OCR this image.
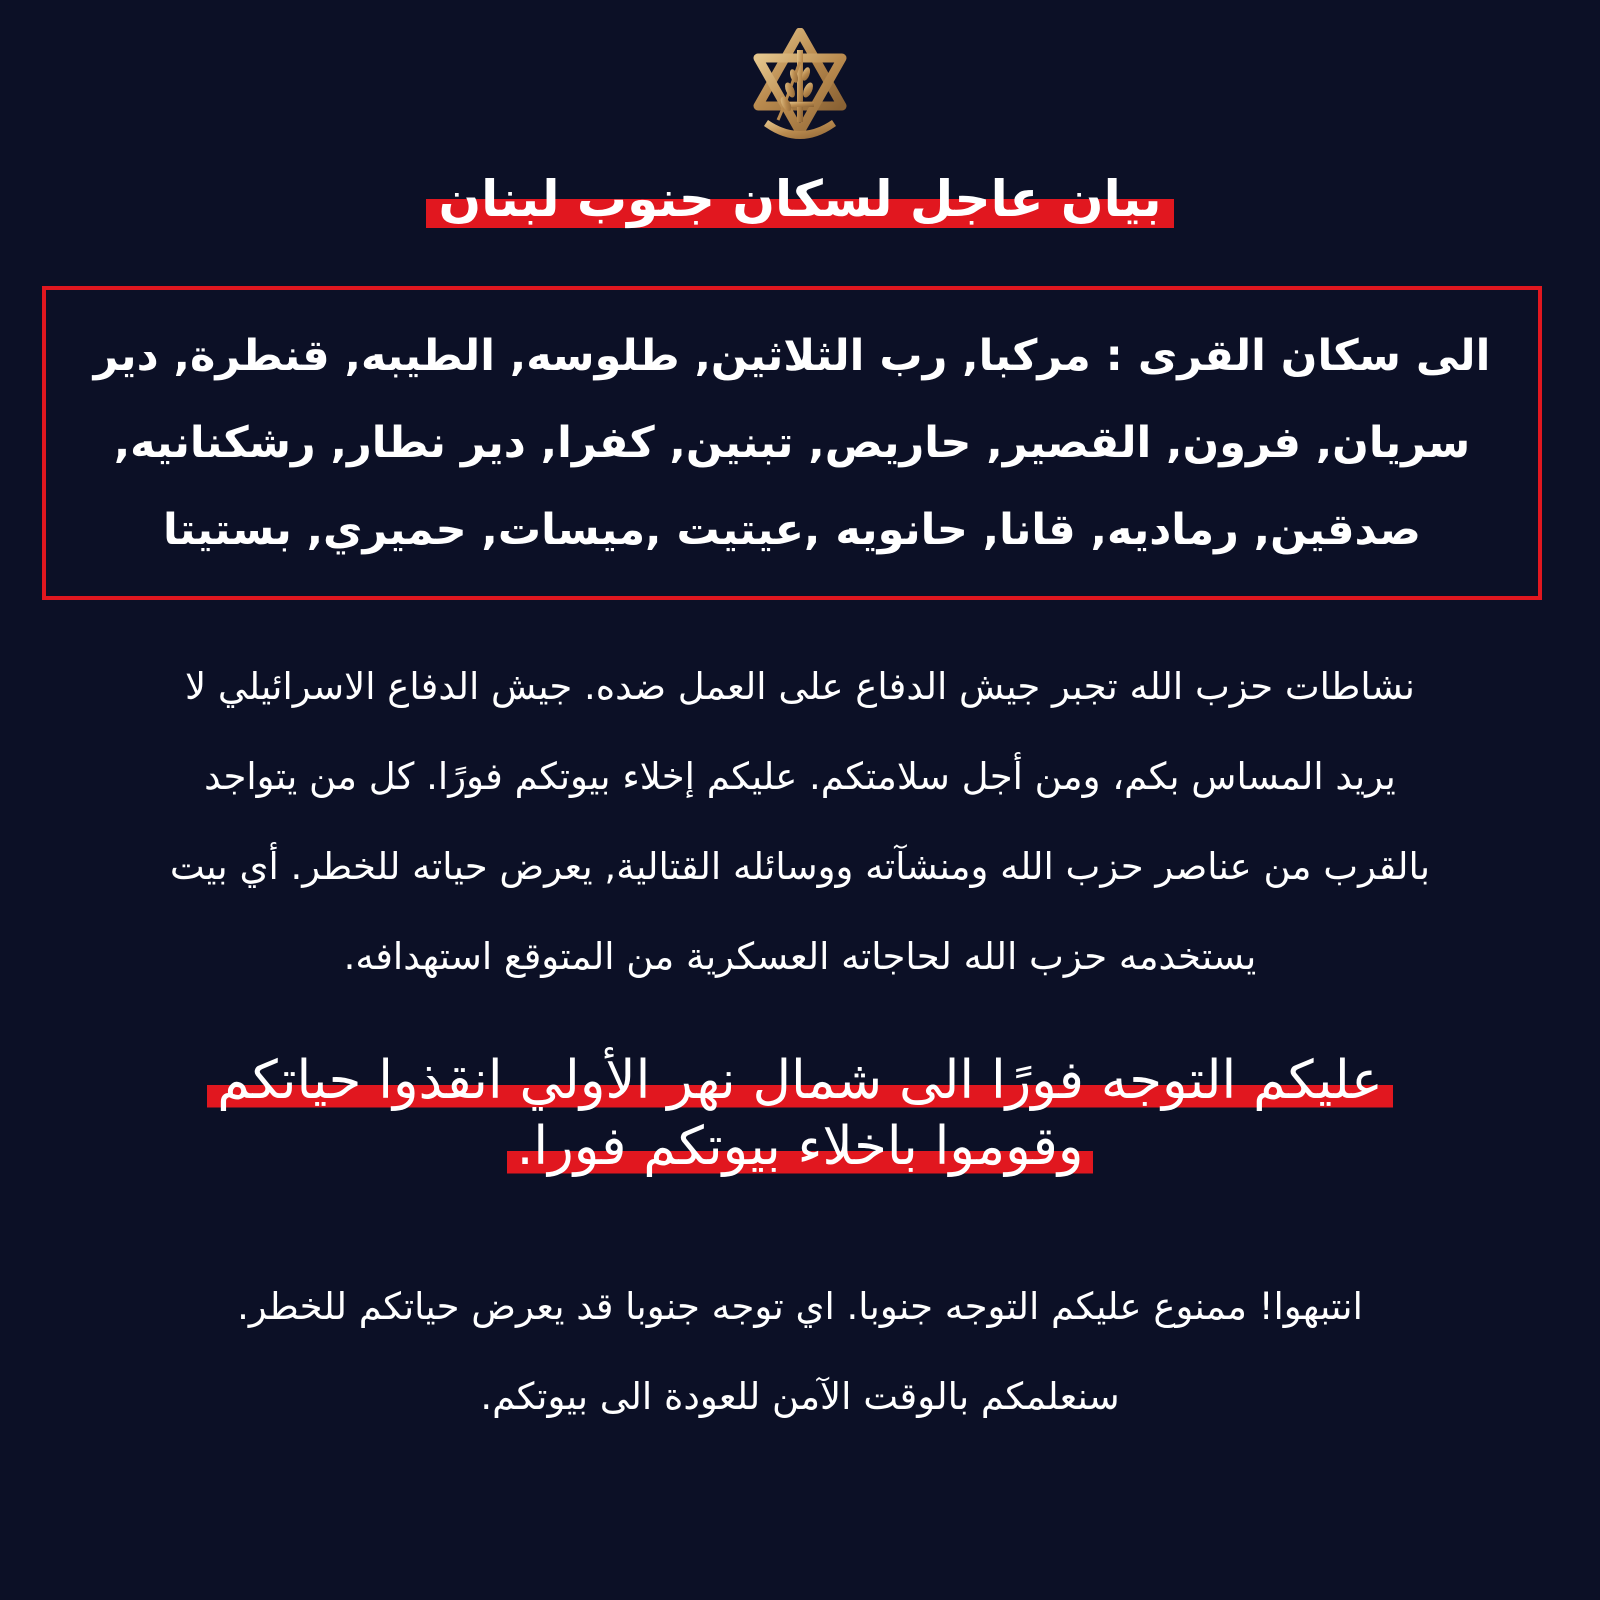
بيان عاجل لسكان جنوب لبنان
الى سكان القرى : مركبا, رب الثلاثين, طلوسه, الطيبه, قنطرة, دير
سريان, فرون, القصير, حاريص, تبنين, كفرا, دير نطار, رشكنانيه,
صدقين, رماديه, قانا, حانويه ,عيتيت ,ميسات, حميري, بستيتا
نشاطات حزب الله تجبر جيش الدفاع على العمل ضده. جيش الدفاع الاسرائيلي لا
يريد المساس بكم، ومن أجل سلامتكم. عليكم إخلاء بيوتكم فورًا. كل من يتواجد
بالقرب من عناصر حزب الله ومنشآته ووسائله القتالية, يعرض حياته للخطر. أي بيت
يستخدمه حزب الله لحاجاته العسكرية من المتوقع استهدافه.
عليكم التوجه فورًا الى شمال نهر الأولي انقذوا حياتكم
وقوموا باخلاء بيوتكم فورا.
انتبهوا! ممنوع عليكم التوجه جنوبا. اي توجه جنوبا قد يعرض حياتكم للخطر.
سنعلمكم بالوقت الآمن للعودة الى بيوتكم.
